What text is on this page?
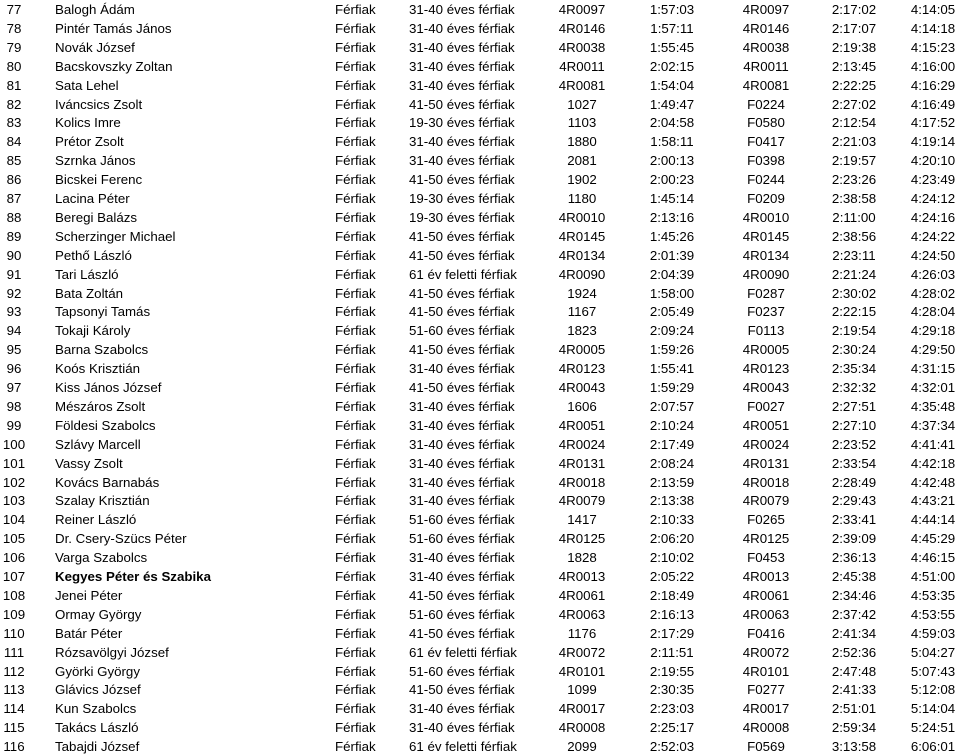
77	Balogh Ádám	Férfiak	31-40 éves férfiak	4R0097	1:57:03	4R0097	2:17:02	4:14:05
78	Pintér Tamás János	Férfiak	31-40 éves férfiak	4R0146	1:57:11	4R0146	2:17:07	4:14:18
79	Novák József	Férfiak	31-40 éves férfiak	4R0038	1:55:45	4R0038	2:19:38	4:15:23
80	Bacskovszky Zoltan	Férfiak	31-40 éves férfiak	4R0011	2:02:15	4R0011	2:13:45	4:16:00
81	Sata Lehel	Férfiak	31-40 éves férfiak	4R0081	1:54:04	4R0081	2:22:25	4:16:29
82	Iváncsics Zsolt	Férfiak	41-50 éves férfiak	1027	1:49:47	F0224	2:27:02	4:16:49
83	Kolics Imre	Férfiak	19-30 éves férfiak	1103	2:04:58	F0580	2:12:54	4:17:52
84	Prétor Zsolt	Férfiak	31-40 éves férfiak	1880	1:58:11	F0417	2:21:03	4:19:14
85	Szrnka János	Férfiak	31-40 éves férfiak	2081	2:00:13	F0398	2:19:57	4:20:10
86	Bicskei Ferenc	Férfiak	41-50 éves férfiak	1902	2:00:23	F0244	2:23:26	4:23:49
87	Lacina Péter	Férfiak	19-30 éves férfiak	1180	1:45:14	F0209	2:38:58	4:24:12
88	Beregi Balázs	Férfiak	19-30 éves férfiak	4R0010	2:13:16	4R0010	2:11:00	4:24:16
89	Scherzinger Michael	Férfiak	41-50 éves férfiak	4R0145	1:45:26	4R0145	2:38:56	4:24:22
90	Pethő László	Férfiak	41-50 éves férfiak	4R0134	2:01:39	4R0134	2:23:11	4:24:50
91	Tari László	Férfiak	61 év feletti férfiak	4R0090	2:04:39	4R0090	2:21:24	4:26:03
92	Bata Zoltán	Férfiak	41-50 éves férfiak	1924	1:58:00	F0287	2:30:02	4:28:02
93	Tapsonyi Tamás	Férfiak	41-50 éves férfiak	1167	2:05:49	F0237	2:22:15	4:28:04
94	Tokaji Károly	Férfiak	51-60 éves férfiak	1823	2:09:24	F0113	2:19:54	4:29:18
95	Barna Szabolcs	Férfiak	41-50 éves férfiak	4R0005	1:59:26	4R0005	2:30:24	4:29:50
96	Koós Krisztián	Férfiak	31-40 éves férfiak	4R0123	1:55:41	4R0123	2:35:34	4:31:15
97	Kiss János József	Férfiak	41-50 éves férfiak	4R0043	1:59:29	4R0043	2:32:32	4:32:01
98	Mészáros Zsolt	Férfiak	31-40 éves férfiak	1606	2:07:57	F0027	2:27:51	4:35:48
99	Földesi Szabolcs	Férfiak	31-40 éves férfiak	4R0051	2:10:24	4R0051	2:27:10	4:37:34
100 Szlávy Marcell	Férfiak	31-40 éves férfiak	4R0024	2:17:49	4R0024	2:23:52	4:41:41
101 Vassy Zsolt	Férfiak	31-40 éves férfiak	4R0131	2:08:24	4R0131	2:33:54	4:42:18
102 Kovács Barnabás	Férfiak	31-40 éves férfiak	4R0018	2:13:59	4R0018	2:28:49	4:42:48
103 Szalay Krisztián	Férfiak	31-40 éves férfiak	4R0079	2:13:38	4R0079	2:29:43	4:43:21
104 Reiner László	Férfiak	51-60 éves férfiak	1417	2:10:33	F0265	2:33:41	4:44:14
105 Dr. Csery-Szücs Péter	Férfiak	51-60 éves férfiak	4R0125	2:06:20	4R0125	2:39:09	4:45:29
106 Varga Szabolcs	Férfiak	31-40 éves férfiak	1828	2:10:02	F0453	2:36:13	4:46:15
107 Kegyes Péter és Szabika	Férfiak	31-40 éves férfiak	4R0013	2:05:22	4R0013	2:45:38	4:51:00
108 Jenei Péter	Férfiak	41-50 éves férfiak	4R0061	2:18:49	4R0061	2:34:46	4:53:35
109 Ormay György	Férfiak	51-60 éves férfiak	4R0063	2:16:13	4R0063	2:37:42	4:53:55
110 Batár Péter	Férfiak	41-50 éves férfiak	1176	2:17:29	F0416	2:41:34	4:59:03
111 Rózsavölgyi József	Férfiak	61 év feletti férfiak	4R0072	2:11:51	4R0072	2:52:36	5:04:27
112 Györki György	Férfiak	51-60 éves férfiak	4R0101	2:19:55	4R0101	2:47:48	5:07:43
113 Glávics József	Férfiak	41-50 éves férfiak	1099	2:30:35	F0277	2:41:33	5:12:08
114 Kun Szabolcs	Férfiak	31-40 éves férfiak	4R0017	2:23:03	4R0017	2:51:01	5:14:04
115 Takács László	Férfiak	31-40 éves férfiak	4R0008	2:25:17	4R0008	2:59:34	5:24:51
116 Tabajdi József	Férfiak	61 év feletti férfiak	2099	2:52:03	F0569	3:13:58	6:06:01
